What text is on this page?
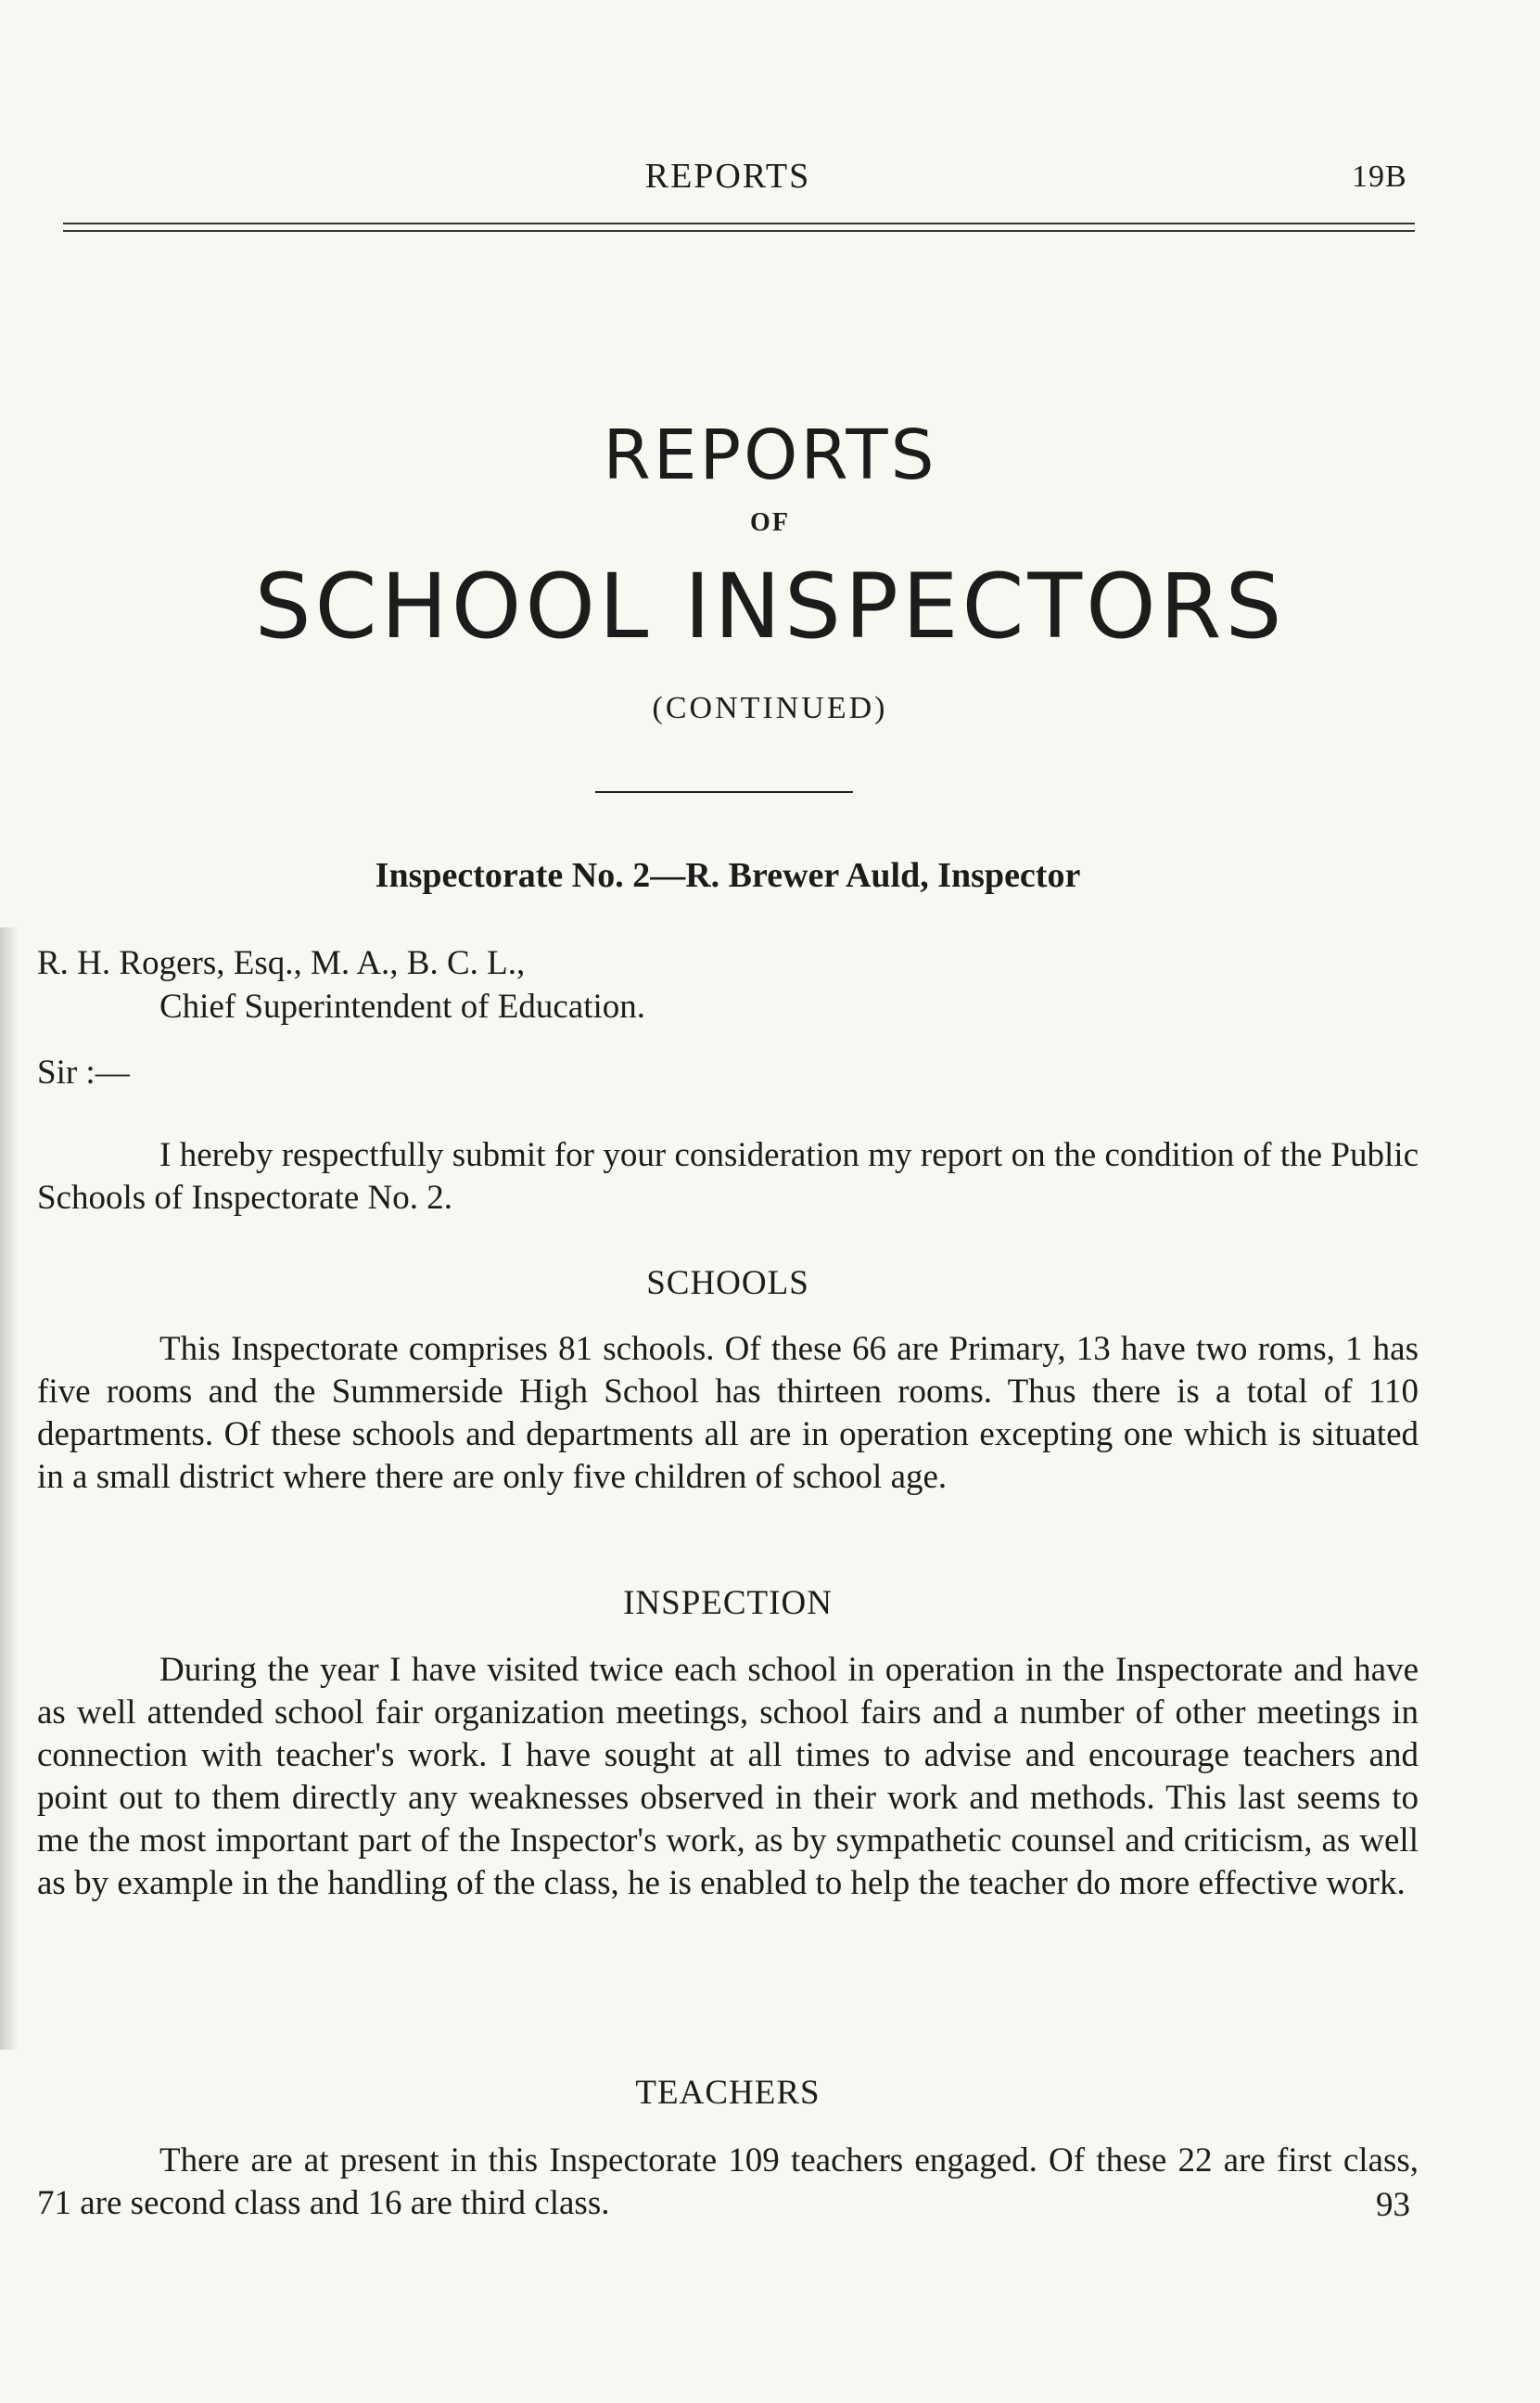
REPORTS	19B
REPORTS
OF
SCHOOL INSPECTORS
(CONTINUED)
Inspectorate No. 2—R. Brewer Auld, Inspector
R. H. Rogers, Esq., M. A., B. C. L.,
Chief Superintendent of Education.
Sir :—

I hereby respectfully submit for your consideration my report on the condition of the Public Schools of Inspectorate No. 2.

SCHOOLS

This Inspectorate comprises 81 schools. Of these 66 are Primary, 13 have two roms, 1 has five rooms and the Summerside High School has thirteen rooms. Thus there is a total of 110 departments. Of these schools and departments all are in operation excepting one which is situated in a small district where there are only five children of school age.

INSPECTION

During the year I have visited twice each school in operation in the Inspectorate and have as well attended school fair organization meetings, school fairs and a number of other meetings in connection with teacher's work. I have sought at all times to advise and encourage teachers and point out to them directly any weaknesses observed in their work and methods. This last seems to me the most important part of the Inspector's work, as by sympathetic counsel and criticism, as well as by example in the handling of the class, he is enabled to help the teacher do more effective work.

TEACHERS

There are at present in this Inspectorate 109 teachers engaged. Of these 22 are first class, 71 are second class and 16 are third class.	93
